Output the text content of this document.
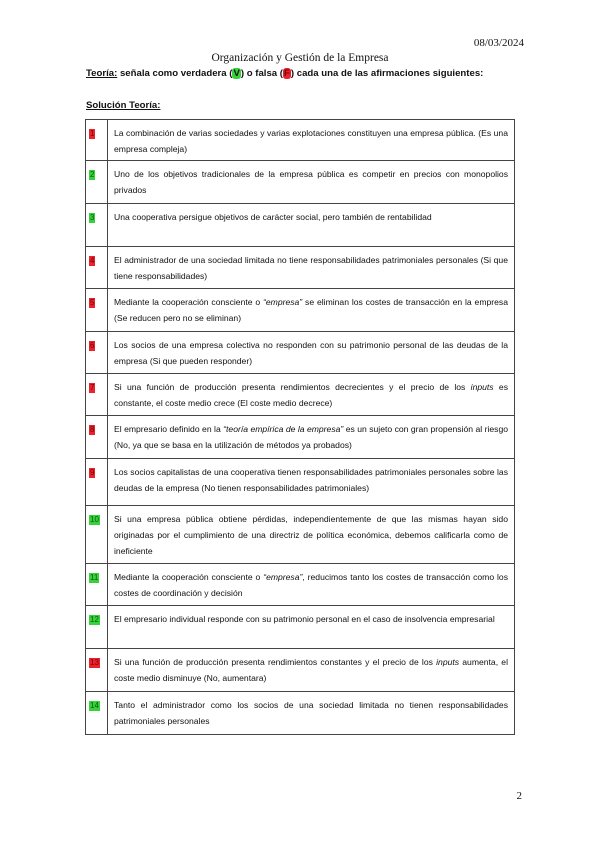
08/03/2024
Organización y Gestión de la Empresa
Teoría: señala como verdadera (V) o falsa (F) cada una de las afirmaciones siguientes:
Solución Teoría:
1	La combinación de varias sociedades y varias explotaciones constituyen una empresa pública. (Es una empresa compleja)
2	Uno de los objetivos tradicionales de la empresa pública es competir en precios con monopolios privados
3	Una cooperativa persigue objetivos de carácter social, pero también de rentabilidad
4	El administrador de una sociedad limitada no tiene responsabilidades patrimoniales personales (Si que tiene responsabilidades)
5	Mediante la cooperación consciente o “empresa” se eliminan los costes de transacción en la empresa (Se reducen pero no se eliminan)
6	Los socios de una empresa colectiva no responden con su patrimonio personal de las deudas de la empresa (Si que pueden responder)
7	Si una función de producción presenta rendimientos decrecientes y el precio de los inputs es constante, el coste medio crece (El coste medio decrece)
8	El empresario definido en la “teoría empírica de la empresa” es un sujeto con gran propensión al riesgo (No, ya que se basa en la utilización de métodos ya probados)
9	Los socios capitalistas de una cooperativa tienen responsabilidades patrimoniales personales sobre las deudas de la empresa (No tienen responsabilidades patrimoniales)
10	Si una empresa pública obtiene pérdidas, independientemente de que las mismas hayan sido originadas por el cumplimiento de una directriz de política económica, debemos calificarla como de ineficiente
11	Mediante la cooperación consciente o “empresa”, reducimos tanto los costes de transacción como los costes de coordinación y decisión
12	El empresario individual responde con su patrimonio personal en el caso de insolvencia empresarial
13	Si una función de producción presenta rendimientos constantes y el precio de los inputs aumenta, el coste medio disminuye (No, aumentara)
14	Tanto el administrador como los socios de una sociedad limitada no tienen responsabilidades patrimoniales personales
2
